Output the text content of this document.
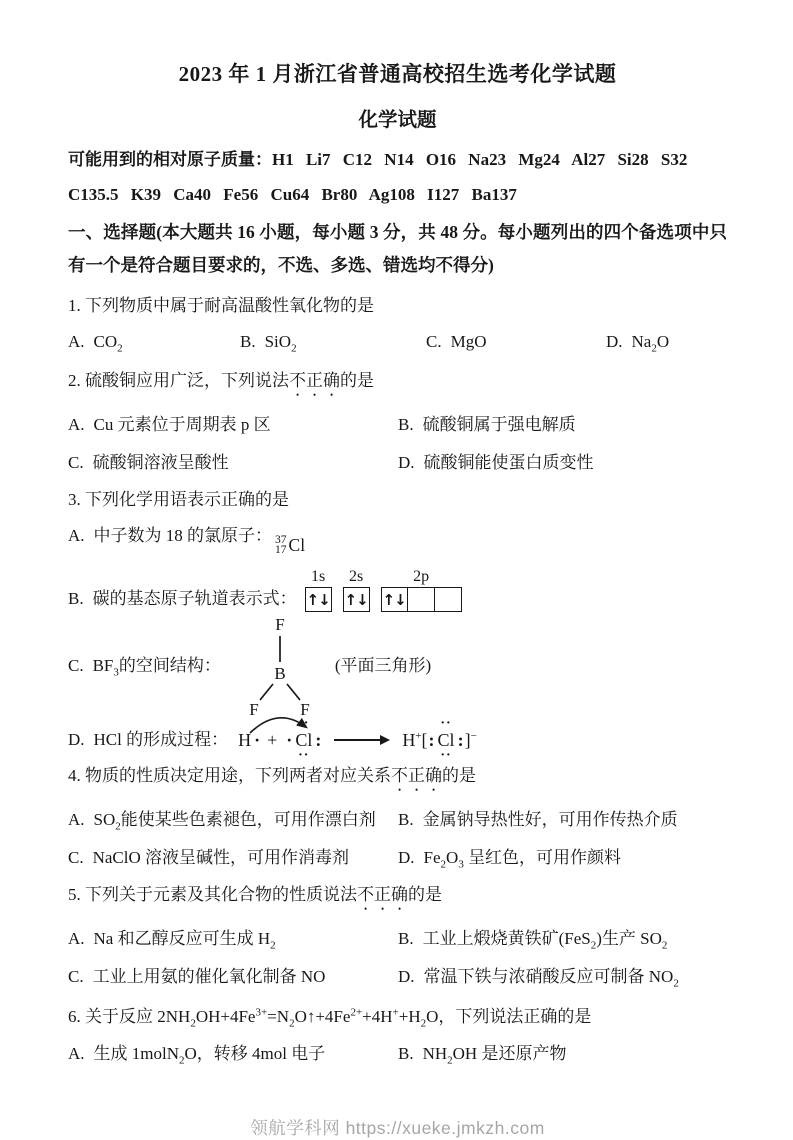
2023 年 1 月浙江省普通高校招生选考化学试题
化学试题

可能用到的相对原子质量：H1 Li7 C12 N14 O16 Na23 Mg24 Al27 Si28 S32

C135.5 K39 Ca40 Fe56 Cu64 Br80 Ag108 I127 Ba137

一、选择题(本大题共 16 小题，每小题 3 分，共 48 分。每小题列出的四个备选项中只有一个是符合题目要求的，不选、多选、错选均不得分)

1. 下列物质中属于耐高温酸性氧化物的是

A. $CO_2$	B. SiO$_2$	C. MgO	D. $Na_2O$

2. 硫酸铜应用广泛，下列说法不正确的是

A. Cu 元素位于周期表 p 区	B. 硫酸铜属于强电解质
C. 硫酸铜溶液呈酸性	D. 硫酸铜能使蛋白质变性

3. 下列化学用语表示正确的是

A. 中子数为 18 的氯原子： 37
17 Cl
B. 碳的基态原子轨道表示式：
1s
↑↓
2s
↑↓
2p
↑↓
C. $BF_3$的空间结构：
F
B
F F
(平面三角形)
D. HCl 的形成过程： H · + ·
··
Cl
··
:	H+[ :
··
Cl
··
: ]−

4. 物质的性质决定用途，下列两者对应关系不正确的是

A. $SO_2$能使某些色素褪色，可用作漂白剂	B. 金属钠导热性好，可用作传热介质
C. NaClO 溶液呈碱性，可用作消毒剂	D. $Fe_2O_3$ 呈红色，可用作颜料

5. 下列关于元素及其化合物的性质说法不正确的是

A. Na 和乙醇反应可生成 $H_2$	B. 工业上煅烧黄铁矿(FeS$_2$)生产 $SO_2$
C. 工业上用氨的催化氧化制备 NO	D. 常温下铁与浓硝酸反应可制备 $NO_2$

6. 关于反应 $2NH_2OH+4Fe^{3+}=N_2O↑+4Fe^{2+}+4H^++H_2O$，下列说法正确的是

A. 生成 1molN$_2$O，转移 4mol 电子	B. $NH_2OH$ 是还原产物

领航学科网 https://xueke.jmkzh.com
